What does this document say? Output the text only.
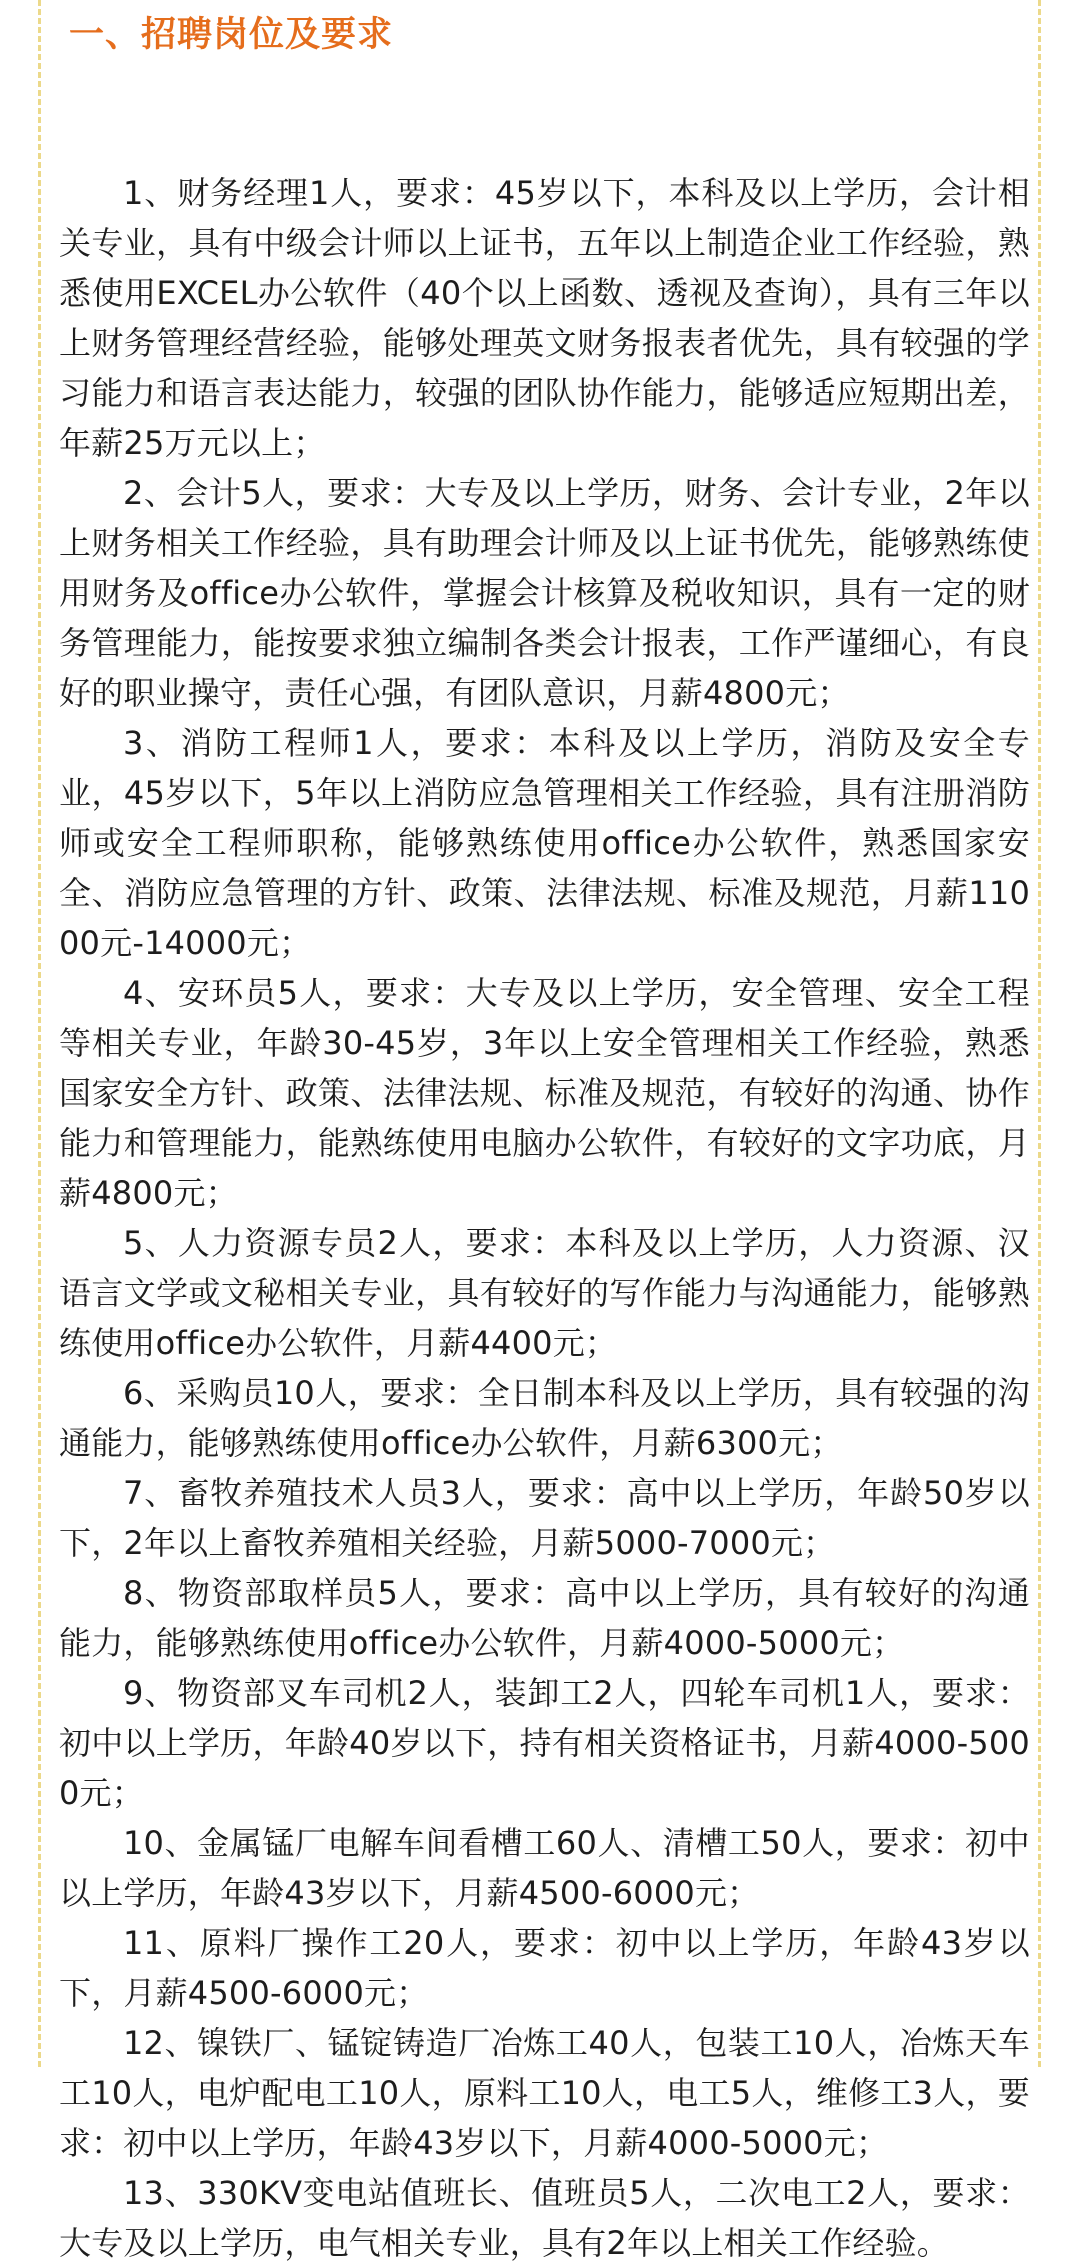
一、招聘岗位及要求

1、财务经理1人，要求：45岁以下，本科及以上学历，会计相关专业，具有中级会计师以上证书，五年以上制造企业工作经验，熟悉使用EXCEL办公软件（40个以上函数、透视及查询），具有三年以上财务管理经营经验，能够处理英文财务报表者优先，具有较强的学习能力和语言表达能力，较强的团队协作能力，能够适应短期出差，年薪25万元以上；

2、会计5人，要求：大专及以上学历，财务、会计专业，2年以上财务相关工作经验，具有助理会计师及以上证书优先，能够熟练使用财务及office办公软件，掌握会计核算及税收知识，具有一定的财务管理能力，能按要求独立编制各类会计报表，工作严谨细心，有良好的职业操守，责任心强，有团队意识，月薪4800元；

3、消防工程师1人，要求：本科及以上学历，消防及安全专业，45岁以下，5年以上消防应急管理相关工作经验，具有注册消防师或安全工程师职称，能够熟练使用office办公软件，熟悉国家安全、消防应急管理的方针、政策、法律法规、标准及规范，月薪11000元-14000元；

4、安环员5人，要求：大专及以上学历，安全管理、安全工程等相关专业，年龄30-45岁，3年以上安全管理相关工作经验，熟悉国家安全方针、政策、法律法规、标准及规范，有较好的沟通、协作能力和管理能力，能熟练使用电脑办公软件，有较好的文字功底，月薪4800元；

5、人力资源专员2人，要求：本科及以上学历，人力资源、汉语言文学或文秘相关专业，具有较好的写作能力与沟通能力，能够熟练使用office办公软件，月薪4400元；

6、采购员10人，要求：全日制本科及以上学历，具有较强的沟通能力，能够熟练使用office办公软件，月薪6300元；

7、畜牧养殖技术人员3人，要求：高中以上学历，年龄50岁以下，2年以上畜牧养殖相关经验，月薪5000-7000元；

8、物资部取样员5人，要求：高中以上学历，具有较好的沟通能力，能够熟练使用office办公软件，月薪4000-5000元；

9、物资部叉车司机2人，装卸工2人，四轮车司机1人，要求：初中以上学历，年龄40岁以下，持有相关资格证书，月薪4000-5000元；

10、金属锰厂电解车间看槽工60人、清槽工50人，要求：初中以上学历，年龄43岁以下，月薪4500-6000元；

11、原料厂操作工20人，要求：初中以上学历，年龄43岁以下，月薪4500-6000元；

12、镍铁厂、锰锭铸造厂冶炼工40人，包装工10人，冶炼天车工10人，电炉配电工10人，原料工10人，电工5人，维修工3人，要求：初中以上学历，年龄43岁以下，月薪4000-5000元；

13、330KV变电站值班长、值班员5人，二次电工2人，要求：大专及以上学历，电气相关专业，具有2年以上相关工作经验。
